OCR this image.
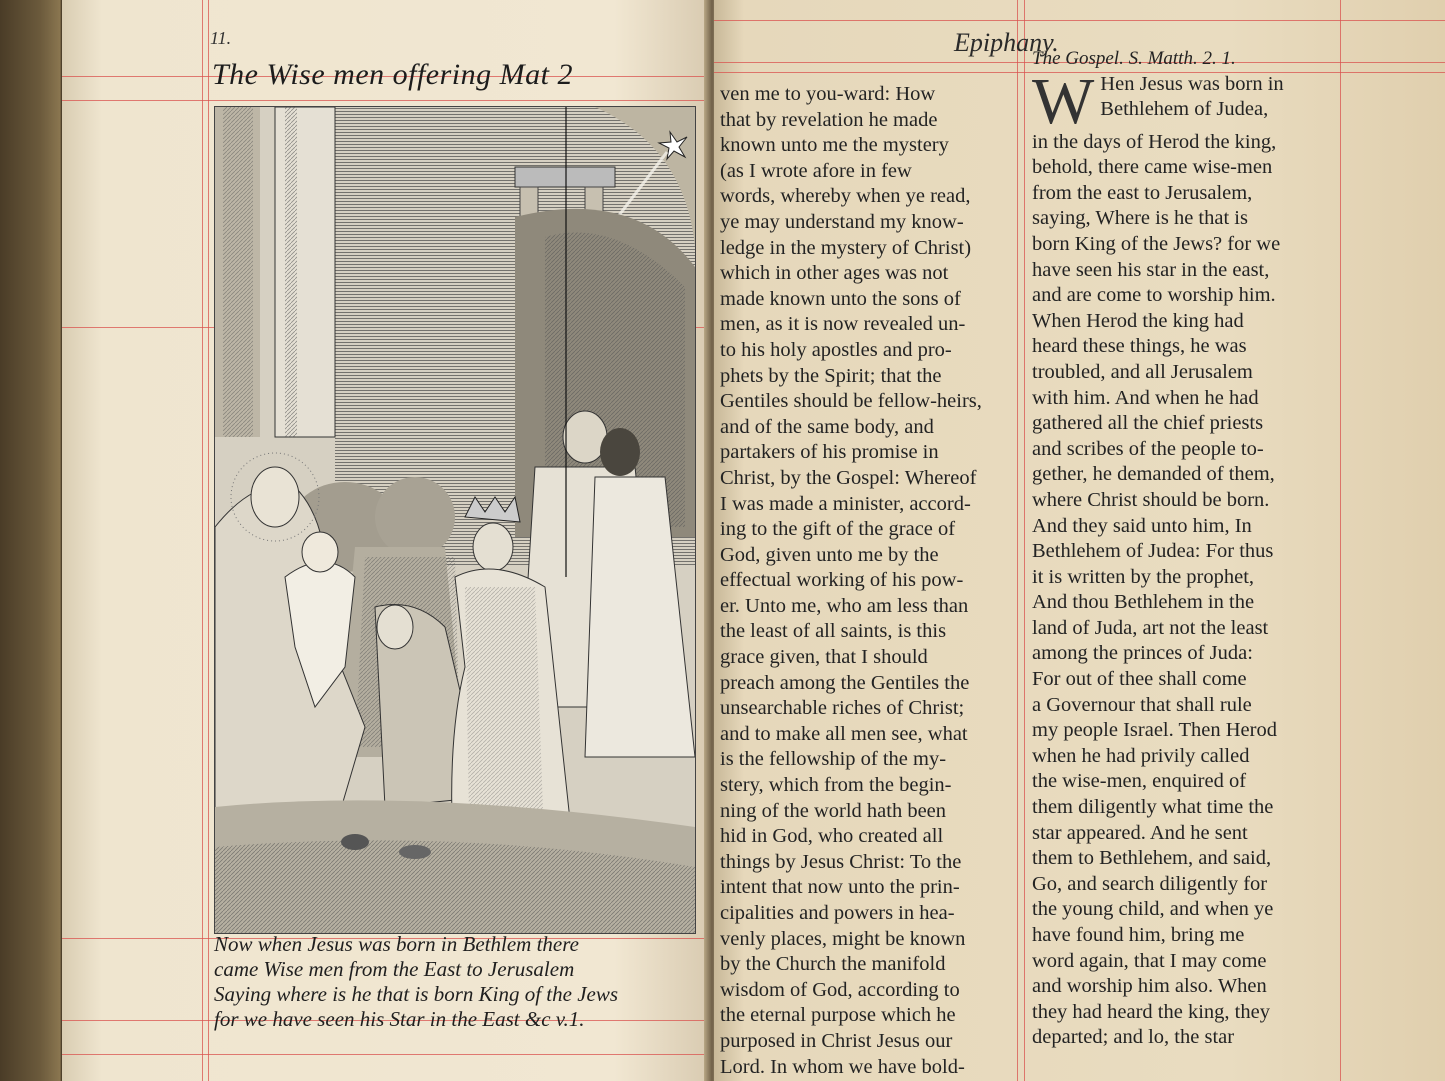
11.
The Wise men offering Mat 2
Now when Jesus was born in Bethlem there
came Wise men from the East to Jerusalem
Saying where is he that is born King of the Jews
for we have seen his Star in the East &c v.1.
Epiphany.
ven me to you-ward: How
that by revelation he made
known unto me the mystery
(as I wrote afore in few
words, whereby when ye read,
ye may understand my know-
ledge in the mystery of Christ)
which in other ages was not
made known unto the sons of
men, as it is now revealed un-
to his holy apostles and pro-
phets by the Spirit; that the
Gentiles should be fellow-heirs,
and of the same body, and
partakers of his promise in
Christ, by the Gospel: Whereof
I was made a minister, accord-
ing to the gift of the grace of
God, given unto me by the
effectual working of his pow-
er. Unto me, who am less than
the least of all saints, is this
grace given, that I should
preach among the Gentiles the
unsearchable riches of Christ;
and to make all men see, what
is the fellowship of the my-
stery, which from the begin-
ning of the world hath been
hid in God, who created all
things by Jesus Christ: To the
intent that now unto the prin-
cipalities and powers in hea-
venly places, might be known
by the Church the manifold
wisdom of God, according to
the eternal purpose which he
purposed in Christ Jesus our
Lord. In whom we have bold-
The Gospel. S. Matth. 2. 1.
W Hen Jesus was born in
Bethlehem of Judea,
in the days of Herod the king,
behold, there came wise-men
from the east to Jerusalem,
saying, Where is he that is
born King of the Jews? for we
have seen his star in the east,
and are come to worship him.
When Herod the king had
heard these things, he was
troubled, and all Jerusalem
with him. And when he had
gathered all the chief priests
and scribes of the people to-
gether, he demanded of them,
where Christ should be born.
And they said unto him, In
Bethlehem of Judea: For thus
it is written by the prophet,
And thou Bethlehem in the
land of Juda, art not the least
among the princes of Juda:
For out of thee shall come
a Governour that shall rule
my people Israel. Then Herod
when he had privily called
the wise-men, enquired of
them diligently what time the
star appeared. And he sent
them to Bethlehem, and said,
Go, and search diligently for
the young child, and when ye
have found him, bring me
word again, that I may come
and worship him also. When
they had heard the king, they
departed; and lo, the star
